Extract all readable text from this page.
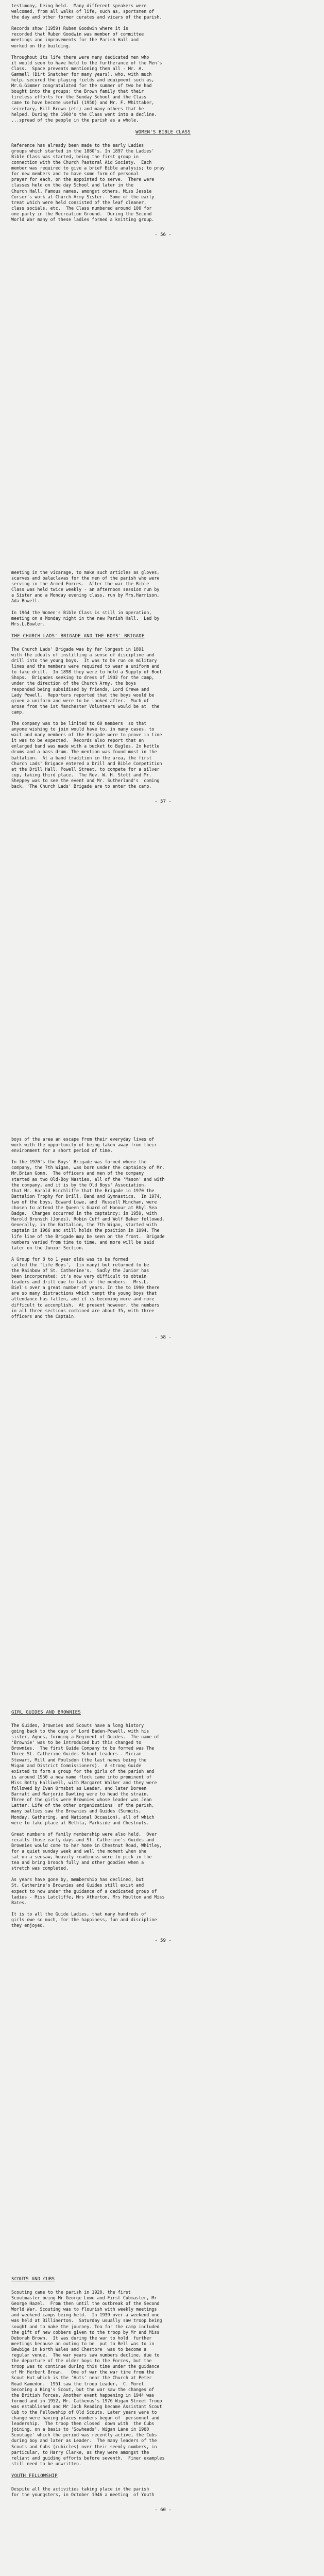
testimony, being held.  Many different speakers were

welcomed, from all walks of life, such as, sportsmen of

the day and other former curates and vicars of the parish.

Records show (1959) Ruben Goodwin where it is

recorded that Ruben Goodwin was member of committee

meetings and improvements for the Parish Hall and

worked on the building.

Throughout its life there were many dedicated men who

it would seem to have held to the furtherance of the Men's

Class.  Space prevents mentioning them all - Mr. A.

Gammell (Dirt Snatcher for many years), who, with much

help, secured the playing fields and equipment such as,

Mr.G.Gimmer congratulated for the summer of two he had

bought into the groups; the Brown family that their

tireless efforts for the Sunday School and the Class

came to have become useful (1950) and Mr. F. Whittaker,

secretary, Bill Brown (etc) and many others that he

helped. During the 1960's the Class went into a decline.

...spread of the people in the parish as a whole.

WOMEN'S BIBLE CLASS

Reference has already been made to the early Ladies'

groups which started in the 1880's. In 1897 the Ladies'

Bible Class was started, being the first group in

connection with the Church Pastoral Aid Society.  Each

member was required to give a brief Bible analysis; to pray

for new members and to have some form of personal

prayer for each, on the appointed to serve.  There were

classes held on the day School and later in the

Church Hall. Famous names, amongst others, Miss Jessie

Corser's work at Church Army Sister.  Some of the early

treat which were held consisted of the leaf cleaner,

class socials, etc.  The Class numbered around 100 for

one party in the Recreation Ground.  During the Second

World War many of these ladies formed a knitting group.

- 56 -

meeting in the vicarage, to make such articles as gloves,

scarves and balaclavas for the men of the parish who were

serving in the Armed Forces.  After the war the Bible

Class was held twice weekly - an afternoon session run by

a Sister and a Monday evening class, run by Mrs.Harrison,

Ada Bowell.

In 1964 the Women's Bible Class is still in operation,

meeting on a Monday night in the new Parish Hall.  Led by

Mrs.L.Bowler.

THE CHURCH LADS' BRIGADE AND THE BOYS' BRIGADE

The Church Lads' Brigade was by far longest in 1891

with the ideals of instilling a sense of discipline and

drill into the young boys.  It was to be run on military

lines and the members were required to wear a uniform and

to take drill.  In 1898 they were to hold a Supply of Boot

Shops.  Brigades seeking to dress of 1902 for the camp,

under the direction of the Church Army, the boys

responded being subsidised by friends, Lord Crewe and

Lady Powell.  Reporters reported that the boys would be

given a uniform and were to be looked after.  Much of

arose from the ist Manchester Volunteers would be at  the

camp.

The company was to be limited to 60 members  so that

anyone wishing to join would have to, in many cases, to

wait and many members of the Brigade were to prove in time

it was to be expected.  Records also report that an

enlarged band was made with a bucket to Bugles, 2x kettle

drums and a bass drum. The mention was found most in the

battalion.  At a band tradition in the area, the first

Church Lads' Brigade entered a Drill and Bible Competition

at the Drill Hall, Powell Street, to compete for a silver

cup, taking third place.  The Rev. W. H. Stott and Mr.

Sheppey was to see the event and Mr. Sutherland's  coming

back, 'The Church Lads' Brigade are to enter the camp.

- 57 -

boys of the area an escape from their everyday lives of

work with the opportunity of being taken away from their

environment for a short period of time.

In the 1970's the Boys' Brigade was formed where the

company, the 7th Wigan, was born under the captaincy of Mr.

Mr.Brian Gomm.  The officers and men of the company

started as two Old-Boy Nasties, all of the 'Mason' and with

the company, and it is by the Old Boys' Association,

that Mr. Harold Hinchliffe that the Brigade in 1970 the

Battalion Trophy for Drill, Band and Gymnastics.  In 1974,

two of the boys, Edward Lowe, and  Russell Mincham, were

chosen to attend the Queen's Guard of Honour at Rhyl Sea

Badge.  Changes occurred in the captaincy: in 1959, with

Harold Brunsch (Jones), Robin Cuff and Wolf Baker followed.

Generally, in the Battalion, the 7th Wigan, started with

captain in 1966 and still holds the position in 1994. The

life line of the Brigade may be seen on the front.  Brigade

numbers varied from time to time, and more will be said

later on the Junior Section.

A Group for 8 to 1 year olds was to be formed

called the 'Life Boys',  (in many) but returned to be

the Rainbow of St. Catherine's.  Sadly the Junior has

been incorporated: it's now very difficult to obtain

leaders and drill due to lack of the members.  Mrs.L.

Biel's over a great number of years. In the to 1990 there

are so many distractions which tempt the young boys that

attendance has fallen, and it is becoming more and more

difficult to accomplish.  At present however, the numbers

in all three sections combined are about 35, with three

officers and the Captain.

- 58 -

GIRL GUIDES AND BROWNIES

The Guides, Brownies and Scouts have a long history

going back to the days of Lord Baden-Powell, with his

sister, Agnes, forming a Regiment of Guides.  The name of

'Brownie' was to be introduced but this changed to

Brownies.  The first Guide Company to be formed was The

Three St. Catherine Guides School Leaders - Miriam

Stewart, Mill and Poulsdon (the last names being the

Wigan and District Commissioners).  A strong Guide

existed to form a group for the girls of the parish and

is around 1950 a new name flock came into prominent of

Miss Betty Halliwell, with Margaret Walker and they were

followed by Ivan Ormsbst as Leader, and later Doreen

Barratt and Marjorie Dawling were to head the strain.

Three of the girls were Brownies whose leader was Jean

Latter. Life of the other organizations  of the parish,

many ballies saw the Brownies and Guides (Summits,

Monday, Gathering, and National Occasion), all of which

were to take place at Bethla, Parkside and Chestnuts.

Great numbers of family membership were also held.  Over

recalls those early days and St. Catherine's Guides and

Brownies would come to her home in Chestnut Road, Whitley,

for a quiet sunday week and well the moment when she

sat on a seesaw, heavily readiness were to pick in the

tea and bring brooch fully and other goodies when a

stretch was completed.

As years have gone by, membership has declined, but

St. Catherine's Brownies and Guides still exist and

expect to now under the guidance of a dedicated group of

ladies - Miss Latcliffe, Mrs Atherton, Mrs Houlton and Miss

Bates.

It is to all the Guide Ladies, that many hundreds of

girls owe so much, for the happiness, fun and discipline

they enjoyed.

- 59 -

SCOUTS AND CUBS

Scouting came to the parish in 1920, the first

Scoutmaster being Mr George Lowe and First Cubmaster, Mr

George Hazel.  From then until the outbreak of the Second

World War, Scouting was to flourish with weekly meetings

and weekend camps being held.  In 1939 over a weekend one

was held at Billinerton.  Saturday usually saw troop being

sought and to make the journey. Tea for the camp included

the gift of new cobbers given to the troop by Mr and Miss

Deborah Brown.  It was during the war to hold  further

meetings because an outing to be  put to Bell was to in

Bewbige in North Wales and Chestore  was to become a

regular venue.  The war years saw numbers decline, due to

the departure of the older boys to the Forces, but the

troop was to continue during this time under the guidance

of Mr Herbert Brown.   One of war the war time from the

Scout Hut which is the 'Huts' near the Church at Peter

Road Kamedon.  1951 saw the troop Leader,  C. Morel

becoming a King's Scout, but the war saw the changes of

the British Forces. Another event happening in 1944 was

formed and in 1952, Mr. Cathenus's 1976 Wigan Street Troop

was established and Mr Jack Reading became Assistant Scout

Cub to the Fellowship of Old Scouts. Later years were to

change were having places numbers begun of  personnel and

leadership.  The troop then closed  down with  the Cubs

joining, on a basis to 'Sowheads', Wigan Lane in 1960

Scoutage' which the period was recently active, the Cubs

during boy and later as Leader.  The many leaders of the

Scouts and Cubs (cubicles) over their seemly numbers, in

particular, to Harry Clarke, as they were amongst the

reliant and guiding efforts before seventh.  Finer examples

still need to be unwritten.

YOUTH FELLOWSHIP

Despite all the activities taking place in the parish

for the youngsters, in October 1946 a meeting  of Youth

- 60 -
